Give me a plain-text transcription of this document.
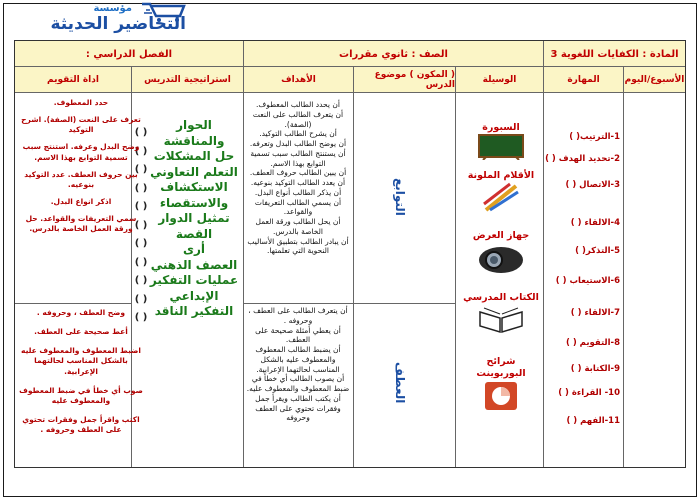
مؤسسة
التحاضير الحديثة
المادة : الكفايات اللغوية 3
الصف : ثانوي مقررات
الفصل الدراسي :
الأسبوع/اليوم
المهارة
الوسيلة
( المكون ) موضوع الدرس
الأهداف
استراتيجية التدريس
اداة التقويم
1-الترتيب( )
2-تحديد الهدف ( )
3-الاتصال ( )
4-الالقاء ( )
5-التذكر( )
6-الاستيعاب ( )
7-الالقاء ( )
8-التقويم ( )
9-الكتابة ( )
10- القراءة ( )
11-الفهم ( )
السبورة
الأقلام الملونة
جهاز العرض
الكتاب المدرسي
شرائح البوربوينت
التوابع
العطف

أن يحدد الطالب المعطوف.

أن يتعرف الطالب على النعت (الصفة).

أن يشرح الطالب التوكيد.

أن يوضح الطالب البدل وتعرفه.

أن يستنتج الطالب سبب تسمية التوابع بهذا الاسم.

أن يبين الطالب حروف العطف.

أن يعدد الطالب التوكيد بنوعيه.

أن يذكر الطالب أنواع البدل.

أن يسمي الطالب التعريفات والقواعد.

أن يحل الطالب ورقة العمل الخاصة بالدرس.

أن يبادر الطالب بتطبيق الأساليب النحوية التي تعلمتها.

أن يتعرف الطالب على العطف ، وحروفه .

أن يعطي أمثلة صحيحة على العطف.

أن يضبط الطالب المعطوف والمعطوف عليه بالشكل المناسب لحالتهما الإعرابية.

أن يصوب الطالب أي خطأ في ضبط المعطوف والمعطوف عليه.

أن يكتب الطالب ويقرأ جمل وفقرات تحتوي على العطف وحروفه

الحوار
والمناقشة
حل المشكلات
التعلم التعاوني
الاستكشاف
والاستقصاء
تمثيل الدوار
القصة
أرى
العصف الذهني
عمليات التفكير
الإبداعي
التفكير الناقد
( )
( )
( )
( )
( )
( )
( )
( )
( )
( )
( )

حدد المعطوف.

تعرف على النعت (الصفة). اشرح التوكيد

وضح البدل وعرفه. استنتج سبب تسمية التوابع بهذا الاسم.

بين حروف العطف. عدد التوكيد بنوعيه.

اذكر انواع البدل.

سمي التعريفات والقواعد. حل ورقة العمل الخاصة بالدرس.

وضح العطف ، وحروفه .

أعط صحيحة على العطف.

اضبط المعطوف والمعطوف عليه بالشكل المناسب لحالتهما الإعرابية.

صوب أي خطأ في ضبط المعطوف والمعطوف عليه

اكتب واقرأ جمل وفقرات تحتوي على العطف وحروفه .
